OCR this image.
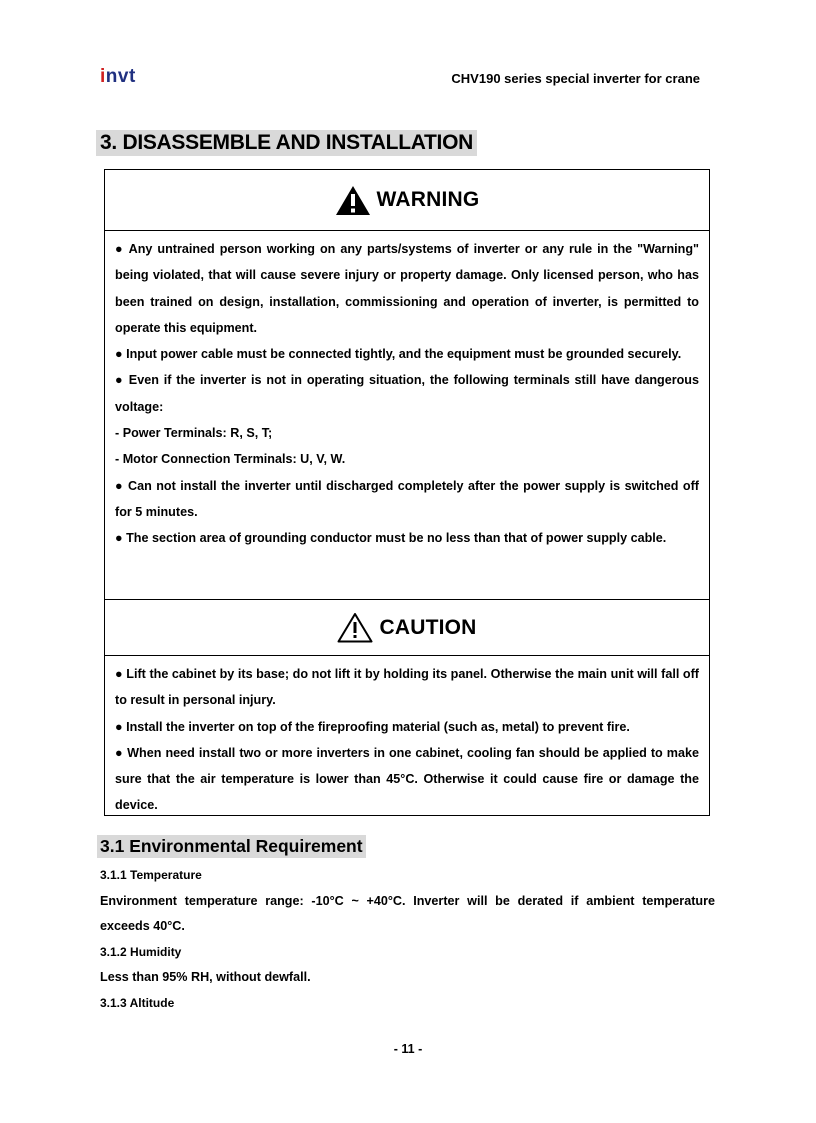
invt	CHV190 series special inverter for crane
3. DISASSEMBLE AND INSTALLATION
WARNING

● Any untrained person working on any parts/systems of inverter or any rule in the "Warning" being violated, that will cause severe injury or property damage. Only licensed person, who has been trained on design, installation, commissioning and operation of inverter, is permitted to operate this equipment.

● Input power cable must be connected tightly, and the equipment must be grounded securely.

● Even if the inverter is not in operating situation, the following terminals still have dangerous voltage:

- Power Terminals: R, S, T;

- Motor Connection Terminals: U, V, W.

● Can not install the inverter until discharged completely after the power supply is switched off for 5 minutes.

● The section area of grounding conductor must be no less than that of power supply cable.

CAUTION

● Lift the cabinet by its base; do not lift it by holding its panel. Otherwise the main unit will fall off to result in personal injury.

● Install the inverter on top of the fireproofing material (such as, metal) to prevent fire.

● When need install two or more inverters in one cabinet, cooling fan should be applied to make sure that the air temperature is lower than 45°C. Otherwise it could cause fire or damage the device.

3.1 Environmental Requirement

3.1.1 Temperature

Environment temperature range: -10°C ~ +40°C. Inverter will be derated if ambient temperature exceeds 40°C.

3.1.2 Humidity

Less than 95% RH, without dewfall.

3.1.3 Altitude

- 11 -
